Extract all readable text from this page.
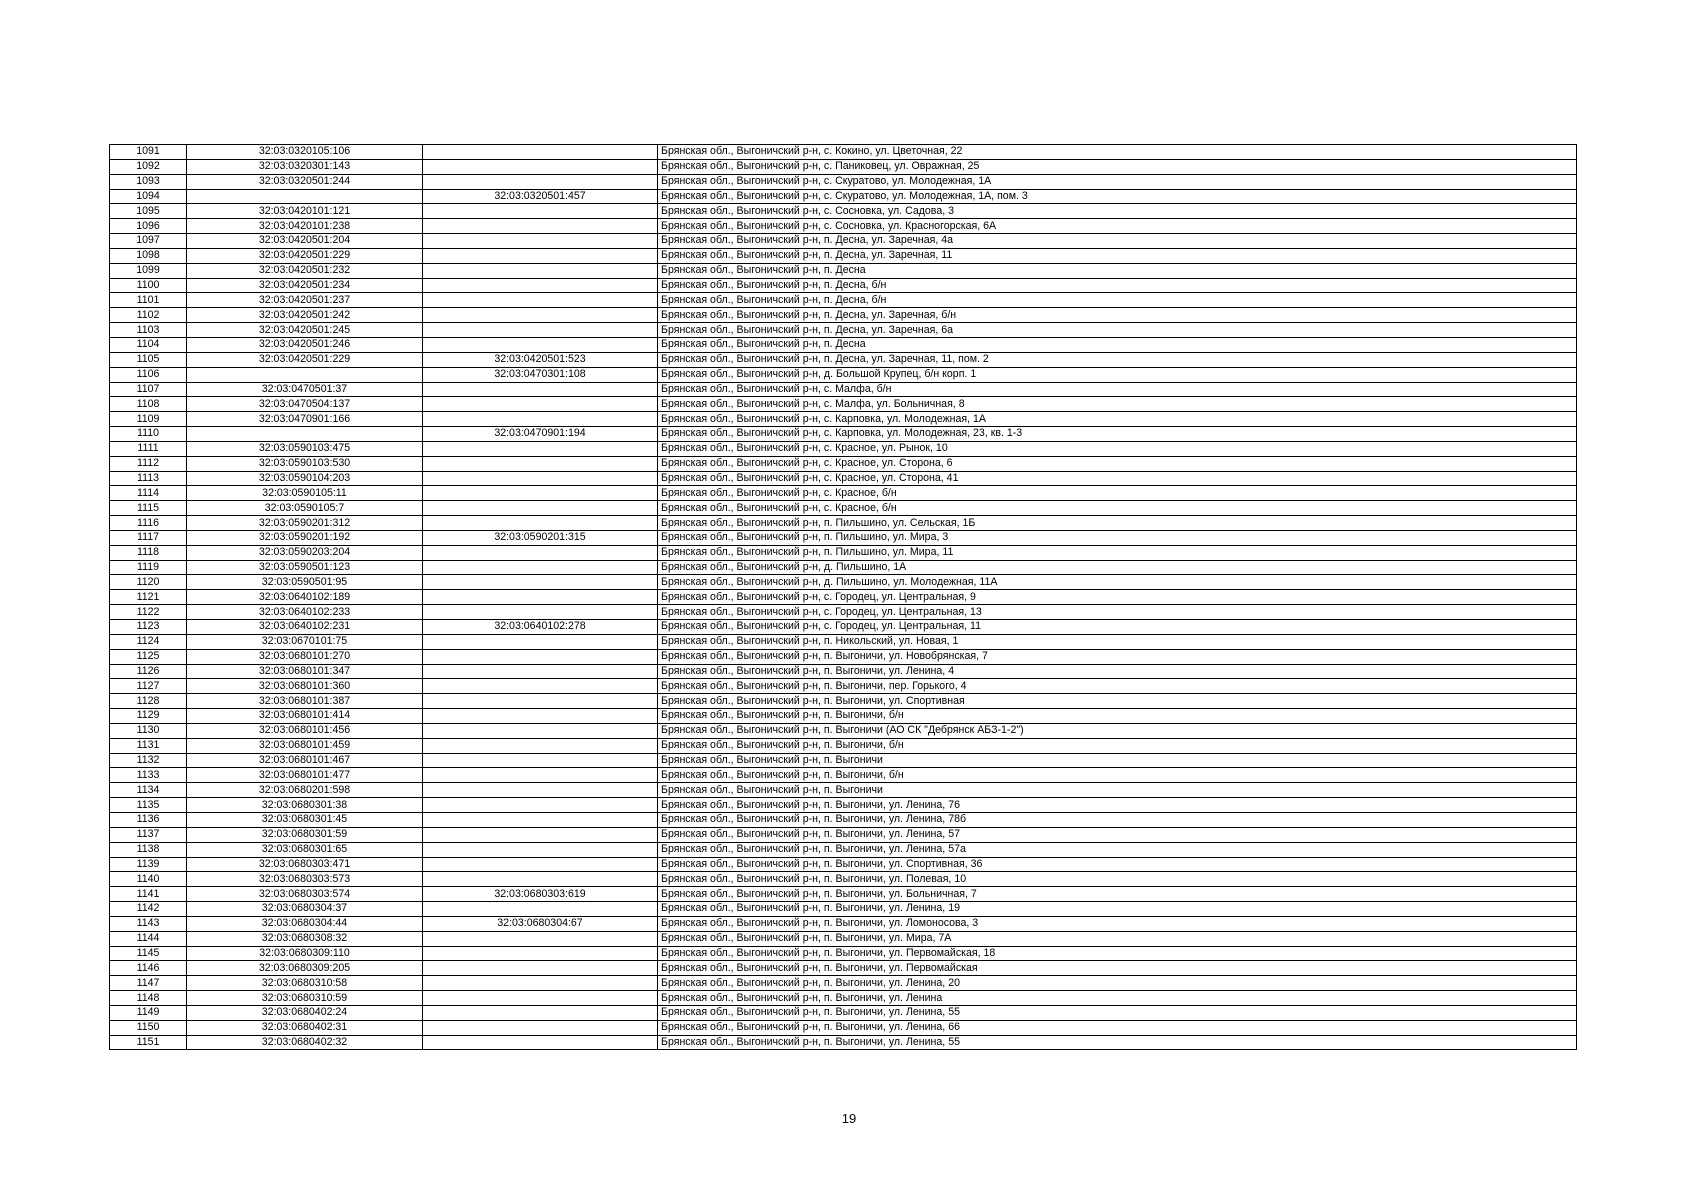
1091	32:03:0320105:106		Брянская обл., Выгоничский р-н, с. Кокино, ул. Цветочная, 22
1092	32:03:0320301:143		Брянская обл., Выгоничский р-н, с. Паниковец, ул. Овражная, 25
1093	32:03:0320501:244		Брянская обл., Выгоничский р-н, с. Скуратово, ул. Молодежная, 1А
1094		32:03:0320501:457	Брянская обл., Выгоничский р-н, с. Скуратово, ул. Молодежная, 1А, пом. 3
1095	32:03:0420101:121		Брянская обл., Выгоничский р-н, с. Сосновка, ул. Садова, 3
1096	32:03:0420101:238		Брянская обл., Выгоничский р-н, с. Сосновка, ул. Красногорская, 6А
1097	32:03:0420501:204		Брянская обл., Выгоничский р-н, п. Десна, ул. Заречная, 4а
1098	32:03:0420501:229		Брянская обл., Выгоничский р-н, п. Десна, ул. Заречная, 11
1099	32:03:0420501:232		Брянская обл., Выгоничский р-н, п. Десна
1100	32:03:0420501:234		Брянская обл., Выгоничский р-н, п. Десна, б/н
1101	32:03:0420501:237		Брянская обл., Выгоничский р-н, п. Десна, б/н
1102	32:03:0420501:242		Брянская обл., Выгоничский р-н, п. Десна, ул. Заречная, б/н
1103	32:03:0420501:245		Брянская обл., Выгоничский р-н, п. Десна, ул. Заречная, 6а
1104	32:03:0420501:246		Брянская обл., Выгоничский р-н, п. Десна
1105	32:03:0420501:229	32:03:0420501:523	Брянская обл., Выгоничский р-н, п. Десна, ул. Заречная, 11, пом. 2
1106		32:03:0470301:108	Брянская обл., Выгоничский р-н, д. Большой Крупец, б/н корп. 1
1107	32:03:0470501:37		Брянская обл., Выгоничский р-н, с. Малфа, б/н
1108	32:03:0470504:137		Брянская обл., Выгоничский р-н, с. Малфа, ул. Больничная, 8
1109	32:03:0470901:166		Брянская обл., Выгоничский р-н, с. Карповка, ул. Молодежная, 1А
1110		32:03:0470901:194	Брянская обл., Выгоничский р-н, с. Карповка, ул. Молодежная, 23, кв. 1-3
1111	32:03:0590103:475		Брянская обл., Выгоничский р-н, с. Красное, ул. Рынок, 10
1112	32:03:0590103:530		Брянская обл., Выгоничский р-н, с. Красное, ул. Сторона, 6
1113	32:03:0590104:203		Брянская обл., Выгоничский р-н, с. Красное, ул. Сторона, 41
1114	32:03:0590105:11		Брянская обл., Выгоничский р-н, с. Красное, б/н
1115	32:03:0590105:7		Брянская обл., Выгоничский р-н, с. Красное, б/н
1116	32:03:0590201:312		Брянская обл., Выгоничский р-н, п. Пильшино, ул. Сельская, 1Б
1117	32:03:0590201:192	32:03:0590201:315	Брянская обл., Выгоничский р-н, п. Пильшино, ул. Мира, 3
1118	32:03:0590203:204		Брянская обл., Выгоничский р-н, п. Пильшино, ул. Мира, 11
1119	32:03:0590501:123		Брянская обл., Выгоничский р-н, д. Пильшино, 1А
1120	32:03:0590501:95		Брянская обл., Выгоничский р-н, д. Пильшино, ул. Молодежная, 11А
1121	32:03:0640102:189		Брянская обл., Выгоничский р-н, с. Городец, ул. Центральная, 9
1122	32:03:0640102:233		Брянская обл., Выгоничский р-н, с. Городец, ул. Центральная, 13
1123	32:03:0640102:231	32:03:0640102:278	Брянская обл., Выгоничский р-н, с. Городец, ул. Центральная, 11
1124	32:03:0670101:75		Брянская обл., Выгоничский р-н, п. Никольский, ул. Новая, 1
1125	32:03:0680101:270		Брянская обл., Выгоничский р-н, п. Выгоничи, ул. Новобрянская, 7
1126	32:03:0680101:347		Брянская обл., Выгоничский р-н, п. Выгоничи, ул. Ленина, 4
1127	32:03:0680101:360		Брянская обл., Выгоничский р-н, п. Выгоничи, пер. Горького, 4
1128	32:03:0680101:387		Брянская обл., Выгоничский р-н, п. Выгоничи, ул. Спортивная
1129	32:03:0680101:414		Брянская обл., Выгоничский р-н, п. Выгоничи, б/н
1130	32:03:0680101:456		Брянская обл., Выгоничский р-н, п. Выгоничи (АО СК "Дебрянск АБЗ-1-2")
1131	32:03:0680101:459		Брянская обл., Выгоничский р-н, п. Выгоничи, б/н
1132	32:03:0680101:467		Брянская обл., Выгоничский р-н, п. Выгоничи
1133	32:03:0680101:477		Брянская обл., Выгоничский р-н, п. Выгоничи, б/н
1134	32:03:0680201:598		Брянская обл., Выгоничский р-н, п. Выгоничи
1135	32:03:0680301:38		Брянская обл., Выгоничский р-н, п. Выгоничи, ул. Ленина, 76
1136	32:03:0680301:45		Брянская обл., Выгоничский р-н, п. Выгоничи, ул. Ленина, 78б
1137	32:03:0680301:59		Брянская обл., Выгоничский р-н, п. Выгоничи, ул. Ленина, 57
1138	32:03:0680301:65		Брянская обл., Выгоничский р-н, п. Выгоничи, ул. Ленина, 57а
1139	32:03:0680303:471		Брянская обл., Выгоничский р-н, п. Выгоничи, ул. Спортивная, 36
1140	32:03:0680303:573		Брянская обл., Выгоничский р-н, п. Выгоничи, ул. Полевая, 10
1141	32:03:0680303:574	32:03:0680303:619	Брянская обл., Выгоничский р-н, п. Выгоничи, ул. Больничная, 7
1142	32:03:0680304:37		Брянская обл., Выгоничский р-н, п. Выгоничи, ул. Ленина, 19
1143	32:03:0680304:44	32:03:0680304:67	Брянская обл., Выгоничский р-н, п. Выгоничи, ул. Ломоносова, 3
1144	32:03:0680308:32		Брянская обл., Выгоничский р-н, п. Выгоничи, ул. Мира, 7А
1145	32:03:0680309:110		Брянская обл., Выгоничский р-н, п. Выгоничи, ул. Первомайская, 18
1146	32:03:0680309:205		Брянская обл., Выгоничский р-н, п. Выгоничи, ул. Первомайская
1147	32:03:0680310:58		Брянская обл., Выгоничский р-н, п. Выгоничи, ул. Ленина, 20
1148	32:03:0680310:59		Брянская обл., Выгоничский р-н, п. Выгоничи, ул. Ленина
1149	32:03:0680402:24		Брянская обл., Выгоничский р-н, п. Выгоничи, ул. Ленина, 55
1150	32:03:0680402:31		Брянская обл., Выгоничский р-н, п. Выгоничи, ул. Ленина, 66
1151	32:03:0680402:32		Брянская обл., Выгоничский р-н, п. Выгоничи, ул. Ленина, 55
19
